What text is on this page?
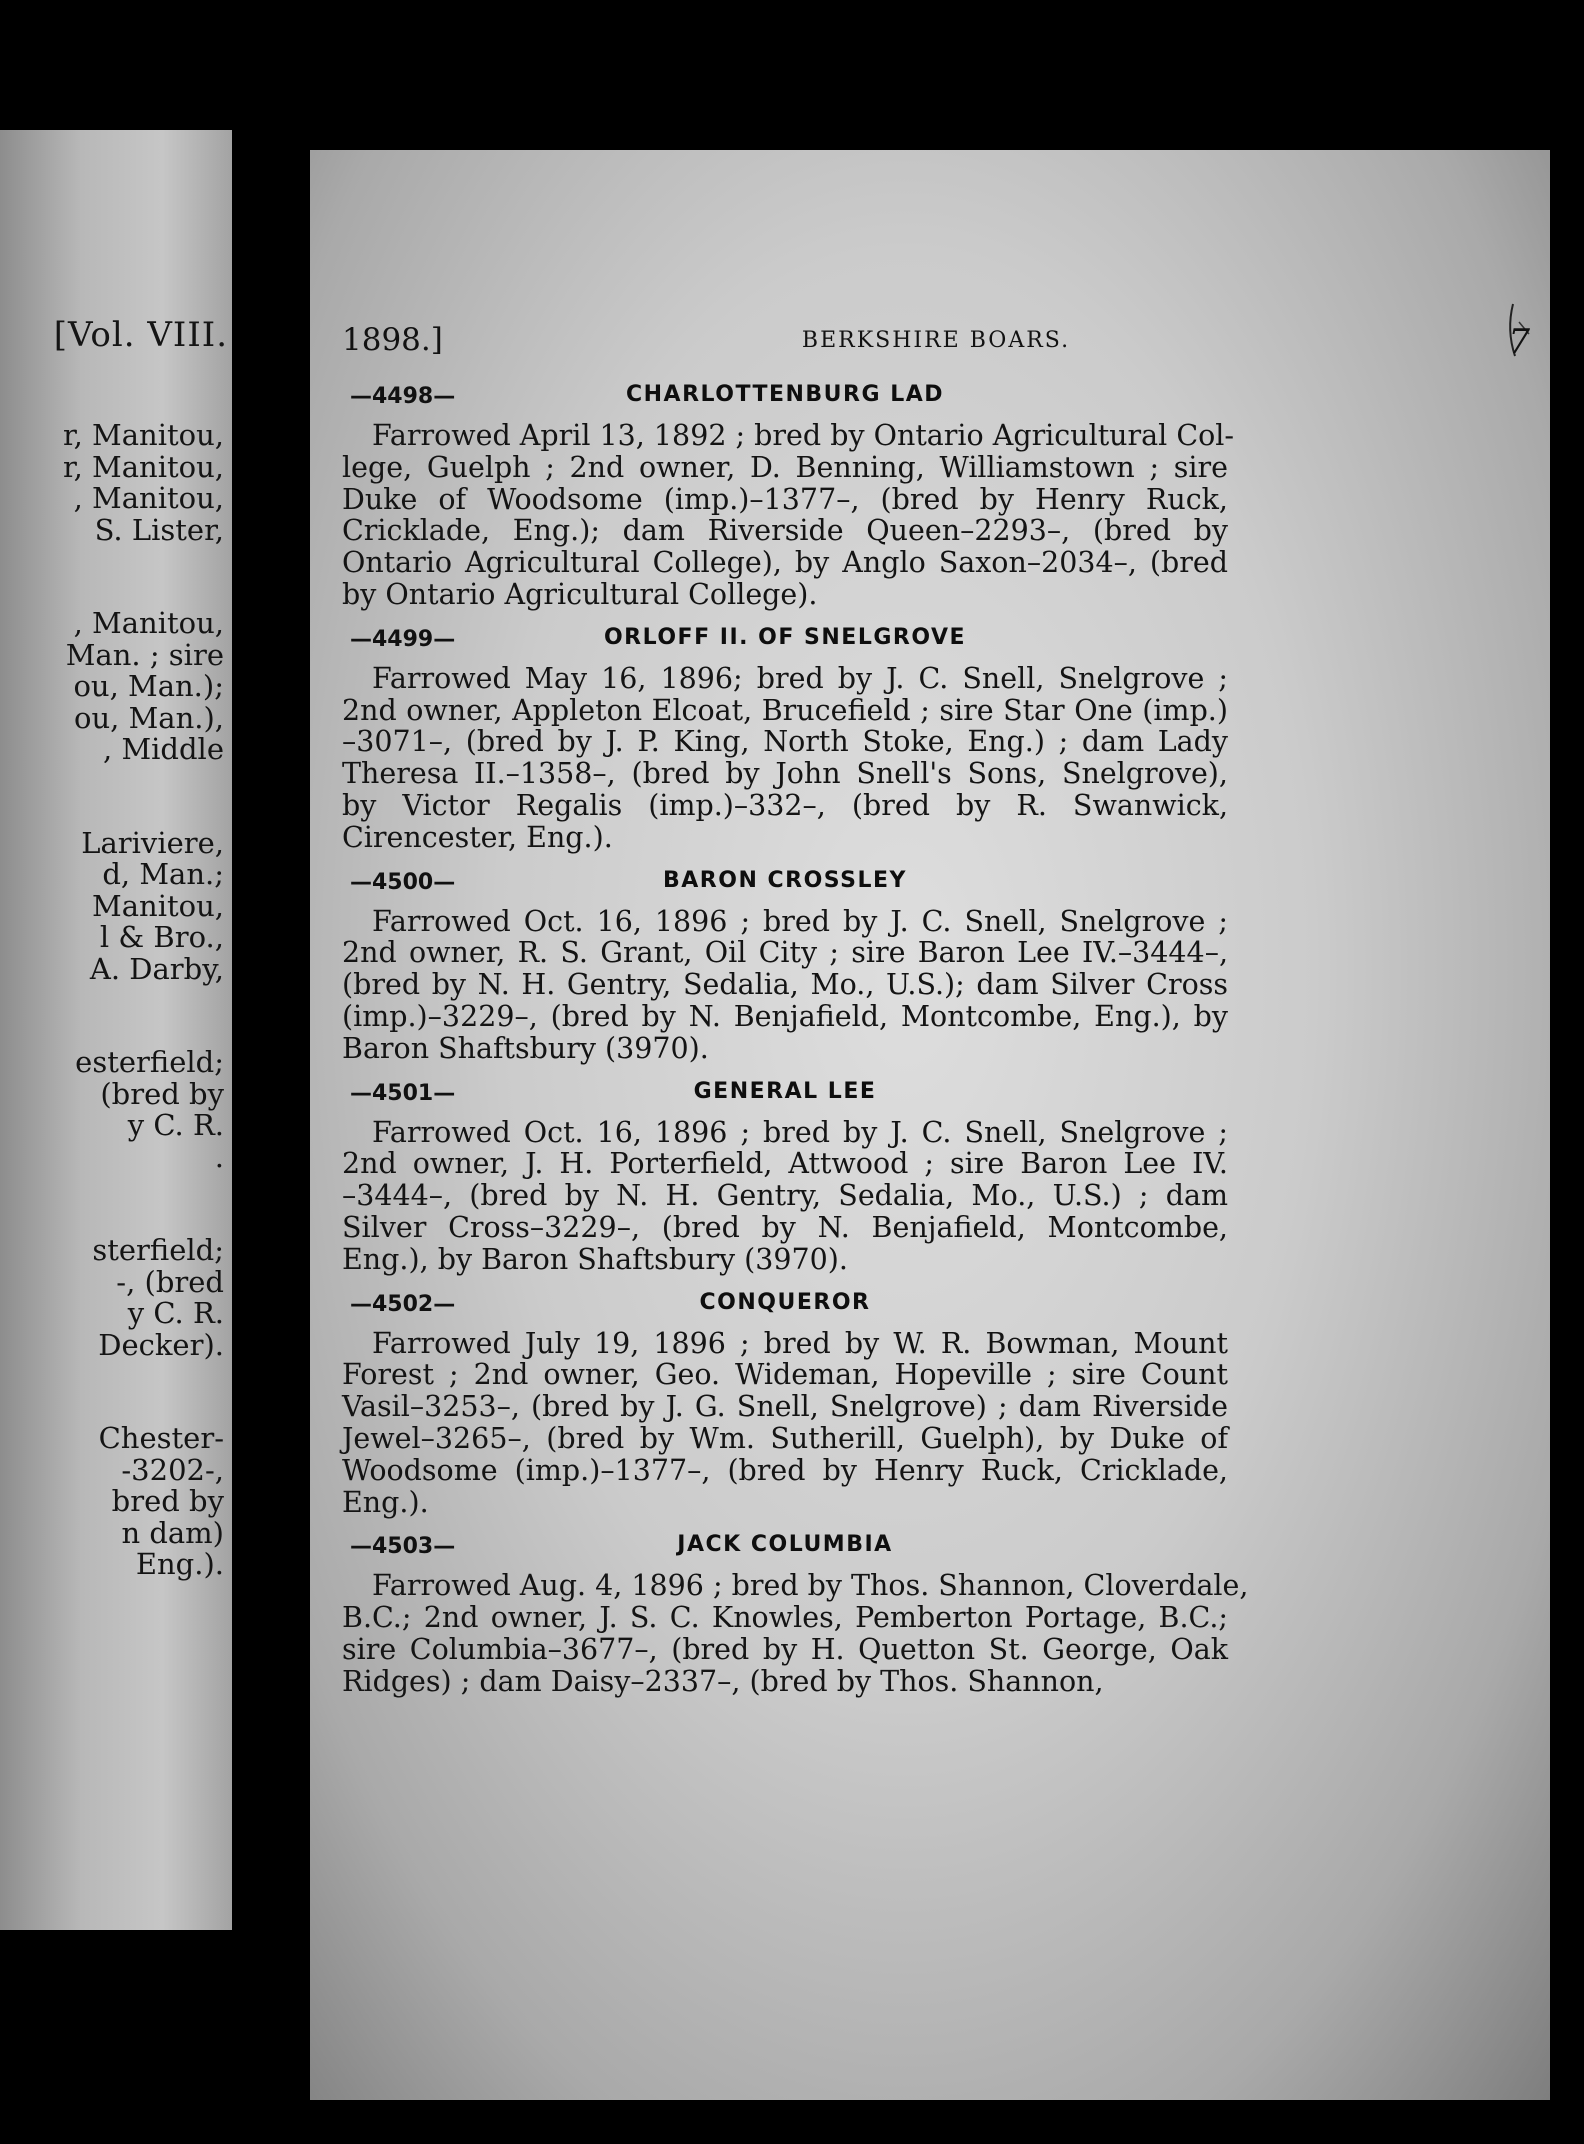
[Vol. VIII.
r, Manitou,
r, Manitou,
, Manitou,
S. Lister,
, Manitou,
Man. ; sire
ou, Man.);
ou, Man.),
, Middle
Lariviere,
d, Man.;
Manitou,
l & Bro.,
A. Darby,
esterfield;
(bred by
y C. R.
.
sterfield;
-, (bred
y C. R.
Decker).
Chester-
-3202-,
bred by
n dam)
Eng.).
1898.]	BERKSHIRE BOARS.	7
—4498—	CHARLOTTENBURG LAD

Farrowed April 13, 1892 ; bred by Ontario Agricultural Col-

lege, Guelph ; 2nd owner, D. Benning, Williamstown ; sire

Duke of Woodsome (imp.)–1377–, (bred by Henry Ruck,

Cricklade, Eng.); dam Riverside Queen–2293–, (bred by

Ontario Agricultural College), by Anglo Saxon–2034–, (bred

by Ontario Agricultural College).

—4499—	ORLOFF II. OF SNELGROVE

Farrowed May 16, 1896; bred by J. C. Snell, Snelgrove ;

2nd owner, Appleton Elcoat, Brucefield ; sire Star One (imp.)

–3071–, (bred by J. P. King, North Stoke, Eng.) ; dam Lady

Theresa II.–1358–, (bred by John Snell's Sons, Snelgrove),

by Victor Regalis (imp.)–332–, (bred by R. Swanwick,

Cirencester, Eng.).

—4500—	BARON CROSSLEY

Farrowed Oct. 16, 1896 ; bred by J. C. Snell, Snelgrove ;

2nd owner, R. S. Grant, Oil City ; sire Baron Lee IV.–3444–,

(bred by N. H. Gentry, Sedalia, Mo., U.S.); dam Silver Cross

(imp.)–3229–, (bred by N. Benjafield, Montcombe, Eng.), by

Baron Shaftsbury (3970).

—4501—	GENERAL LEE

Farrowed Oct. 16, 1896 ; bred by J. C. Snell, Snelgrove ;

2nd owner, J. H. Porterfield, Attwood ; sire Baron Lee IV.

–3444–, (bred by N. H. Gentry, Sedalia, Mo., U.S.) ; dam

Silver Cross–3229–, (bred by N. Benjafield, Montcombe,

Eng.), by Baron Shaftsbury (3970).

—4502—	CONQUEROR

Farrowed July 19, 1896 ; bred by W. R. Bowman, Mount

Forest ; 2nd owner, Geo. Wideman, Hopeville ; sire Count

Vasil–3253–, (bred by J. G. Snell, Snelgrove) ; dam Riverside

Jewel–3265–, (bred by Wm. Sutherill, Guelph), by Duke of

Woodsome (imp.)–1377–, (bred by Henry Ruck, Cricklade,

Eng.).

—4503—	JACK COLUMBIA

Farrowed Aug. 4, 1896 ; bred by Thos. Shannon, Cloverdale,

B.C.; 2nd owner, J. S. C. Knowles, Pemberton Portage, B.C.;

sire Columbia–3677–, (bred by H. Quetton St. George, Oak

Ridges) ; dam Daisy–2337–, (bred by Thos. Shannon,
